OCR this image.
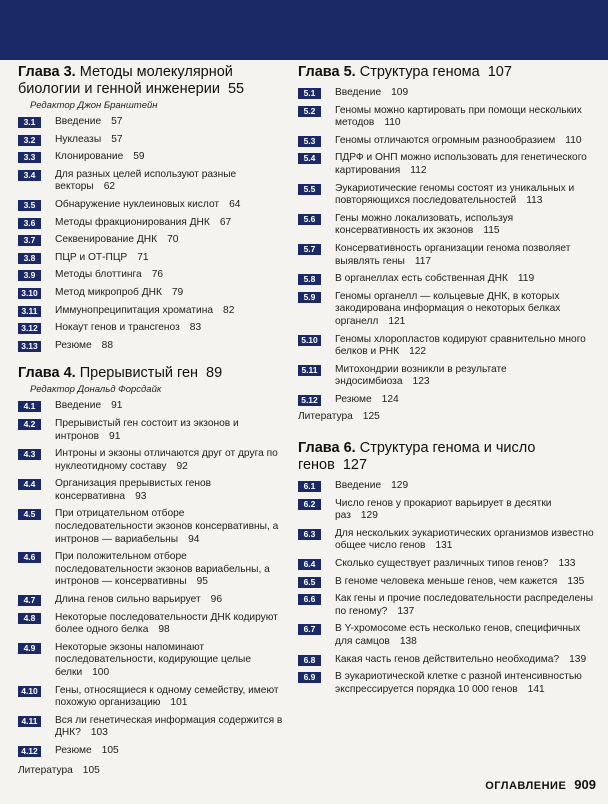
Глава 3. Методы молекулярной биологии и генной инженерии 55
Редактор Джон Бранштейн
3.1	Введение 57
3.2	Нуклеазы 57
3.3	Клонирование 59
3.4	Для разных целей используют разные векторы 62
3.5	Обнаружение нуклеиновых кислот 64
3.6	Методы фракционирования ДНК 67
3.7	Секвенирование ДНК 70
3.8	ПЦР и ОТ-ПЦР 71
3.9	Методы блоттинга 76
3.10	Метод микропроб ДНК 79
3.11	Иммунопреципитация хроматина 82
3.12	Нокаут генов и трансгеноз 83
3.13	Резюме 88
Глава 4. Прерывистый ген 89
Редактор Дональд Форсдайк
4.1	Введение 91
4.2	Прерывистый ген состоит из экзонов и интронов 91
4.3	Интроны и экзоны отличаются друг от друга по нуклеотидному составу 92
4.4	Организация прерывистых генов консервативна 93
4.5	При отрицательном отборе последовательности экзонов консервативны, а интронов — вариабельны 94
4.6	При положительном отборе последовательности экзонов вариабельны, а интронов — консервативны 95
4.7	Длина генов сильно варьирует 96
4.8	Некоторые последовательности ДНК кодируют более одного белка 98
4.9	Некоторые экзоны напоминают последовательности, кодирующие целые белки 100
4.10	Гены, относящиеся к одному семейству, имеют похожую организацию 101
4.11	Вся ли генетическая информация содержится в ДНК? 103
4.12	Резюме 105
Литература 105
Глава 5. Структура генома 107
5.1	Введение 109
5.2	Геномы можно картировать при помощи нескольких методов 110
5.3	Геномы отличаются огромным разнообразием 110
5.4	ПДРФ и ОНП можно использовать для генетического картирования 112
5.5	Эукариотические геномы состоят из уникальных и повторяющихся последовательностей 113
5.6	Гены можно локализовать, используя консервативность их экзонов 115
5.7	Консервативность организации генома позволяет выявлять гены 117
5.8	В органеллах есть собственная ДНК 119
5.9	Геномы органелл — кольцевые ДНК, в которых закодирована информация о некоторых белках органелл 121
5.10	Геномы хлоропластов кодируют сравнительно много белков и РНК 122
5.11	Митохондрии возникли в результате эндосимбиоза 123
5.12	Резюме 124
Литература 125
Глава 6. Структура генома и число генов 127
6.1	Введение 129
6.2	Число генов у прокариот варьирует в десятки раз 129
6.3	Для нескольких эукариотических организмов известно общее число генов 131
6.4	Сколько существует различных типов генов? 133
6.5	В геноме человека меньше генов, чем кажется 135
6.6	Как гены и прочие последовательности распределены по геному? 137
6.7	В Y-хромосоме есть несколько генов, специфичных для самцов 138
6.8	Какая часть генов действительно необходима? 139
6.9	В эукариотической клетке с разной интенсивностью экспрессируется порядка 10 000 генов 141
ОГЛАВЛЕНИЕ 909
